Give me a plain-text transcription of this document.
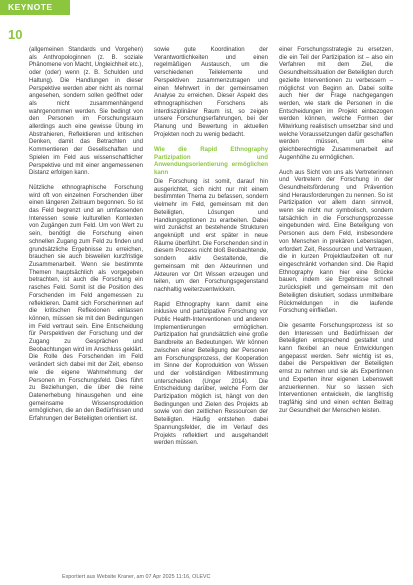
KEYNOTE
10

(allgemeinen Standards und Vorgehen) als Anthropologinnen (z. B. soziale Phänomene von Macht, Ungleichheit etc.), oder (oder) wenn (z. B. Schulden und Haltung). Die Handlungen in dieser Perspektive werden aber nicht als normal angesehen, sondern sollen geöffnet oder als nicht zusammenhängend wahrgenommen werden. Sie bedingt von den Personen im Forschungsraum allerdings auch eine gewisse Übung im Abstrahieren, Reflektieren und kritischen Denken, damit das Betrachten und Kommentieren der Gesellschaften und Spielen im Feld aus wissenschaftlicher Perspektive und mit einer angemessenen Distanz erfolgen kann.

Nützliche ethnographische Forschung wird oft von einzelnen Forschenden über einen längeren Zeitraum begonnen. So ist das Feld begrenzt und an umfassenden Interessen sowie kulturellen Kontexten von Zugängen zum Feld. Um von Wert zu sein, benötigt die Forschung einen schnellen Zugang zum Feld zu finden und grundsätzliche Ergebnisse zu erreichen, brauchen sie auch bisweilen kurzfristige Zusammenarbeit. Wenn sie bestimmte Themen hauptsächlich als vorgegeben betrachten, ist auch die Forschung ein rasches Feld. Somit ist die Position des Forschenden im Feld angemessen zu reflektieren. Damit sich Forscherinnen auf die kritischen Reflexionen einlassen können, müssen sie mit den Bedingungen im Feld vertraut sein. Eine Entscheidung für Perspektiven der Forschung und der Zugang zu Gesprächen und Beobachtungen wird im Anschluss geklärt. Die Rolle des Forschenden im Feld verändert sich dabei mit der Zeit, ebenso wie die eigene Wahrnehmung der Personen im Forschungsfeld. Dies führt zu Beziehungen, die über die reine Datenerhebung hinausgehen und eine gemeinsame Wissensproduktion ermöglichen, die an den Bedürfnissen und Erfahrungen der Beteiligten orientiert ist.

sowie gute Koordination der Verantwortlichkeiten und einen regelmäßigen Austausch, um die verschiedenen Teilelemente und Perspektiven zusammenzutragen und einen Mehrwert in der gemeinsamen Analyse zu erreichen. Dieser Aspekt des ethnographischen Forschens als interdisziplinärer Raum ist, so zeigen unsere Forschungserfahrungen, bei der Planung und Bewertung in aktuellen Projekten noch zu wenig bedacht.

Wie die Rapid Ethnography Partizipation und Anwendungsorientierung ermöglichen kann

Die Forschung ist somit, darauf hin ausgerichtet, sich nicht nur mit einem bestimmten Thema zu befassen, sondern vielmehr im Feld, gemeinsam mit den Beteiligten, Lösungen und Handlungsoptionen zu erarbeiten. Dabei wird zunächst an bestehende Strukturen angeknüpft und erst später in neue Räume überführt. Die Forschenden sind in diesem Prozess nicht bloß Beobachtende, sondern aktiv Gestaltende, die gemeinsam mit den Akteurinnen und Akteuren vor Ort Wissen erzeugen und teilen, um den Forschungsgegenstand nachhaltig weiterzuentwickeln.

Rapid Ethnography kann damit eine inklusive und partizipative Forschung vor Public Health-Interventionen und anderen Implementierungen ermöglichen. Partizipation hat grundsätzlich eine große Bandbreite an Bedeutungen. Wir können zwischen einer Beteiligung der Personen am Forschungsprozess, der Kooperation im Sinne der Koproduktion von Wissen und der vollständigen Mitbestimmung unterscheiden (Unger 2014). Die Entscheidung darüber, welche Form der Partizipation möglich ist, hängt von den Bedingungen und Zielen des Projekts ab sowie von den zeitlichen Ressourcen der Beteiligten. Häufig entstehen dabei Spannungsfelder, die im Verlauf des Projekts reflektiert und ausgehandelt werden müssen.

einer Forschungsstrategie zu ersetzen, die ein Teil der Partizipation ist – also ein Verfahren mit dem Ziel, die Gesundheitssituation der Beteiligten durch gezielte Interventionen zu verbessern – möglichst von Beginn an. Dabei sollte auch hier der Frage nachgegangen werden, wie stark die Personen in die Entscheidungen im Projekt einbezogen werden können, welche Formen der Mitwirkung realistisch umsetzbar sind und welche Voraussetzungen dafür geschaffen werden müssen, um eine gleichberechtigte Zusammenarbeit auf Augenhöhe zu ermöglichen.

Auch aus Sicht von uns als Vertreterinnen und Vertretern der Forschung in der Gesundheitsförderung und Prävention sind Herausforderungen zu nennen. So ist Partizipation vor allem dann sinnvoll, wenn sie nicht nur symbolisch, sondern tatsächlich in die Forschungsprozesse eingebunden wird. Eine Beteiligung von Personen aus dem Feld, insbesondere von Menschen in prekären Lebenslagen, erfordert Zeit, Ressourcen und Vertrauen, die in kurzen Projektlaufzeiten oft nur eingeschränkt vorhanden sind. Die Rapid Ethnography kann hier eine Brücke bauen, indem sie Ergebnisse schnell zurückspielt und gemeinsam mit den Beteiligten diskutiert, sodass unmittelbare Rückmeldungen in die laufende Forschung einfließen.

Die gesamte Forschungsprozess ist so den Interessen und Bedürfnissen der Beteiligten entsprechend gestaltet und kann flexibel an neue Entwicklungen angepasst werden. Sehr wichtig ist es, dabei die Perspektiven der Beteiligten ernst zu nehmen und sie als Expertinnen und Experten ihrer eigenen Lebenswelt anzuerkennen. Nur so lassen sich Interventionen entwickeln, die langfristig tragfähig sind und einen echten Beitrag zur Gesundheit der Menschen leisten.

Exportiert aus Website Kraner, am 07 Apr 2025 11:16, OLEVC
